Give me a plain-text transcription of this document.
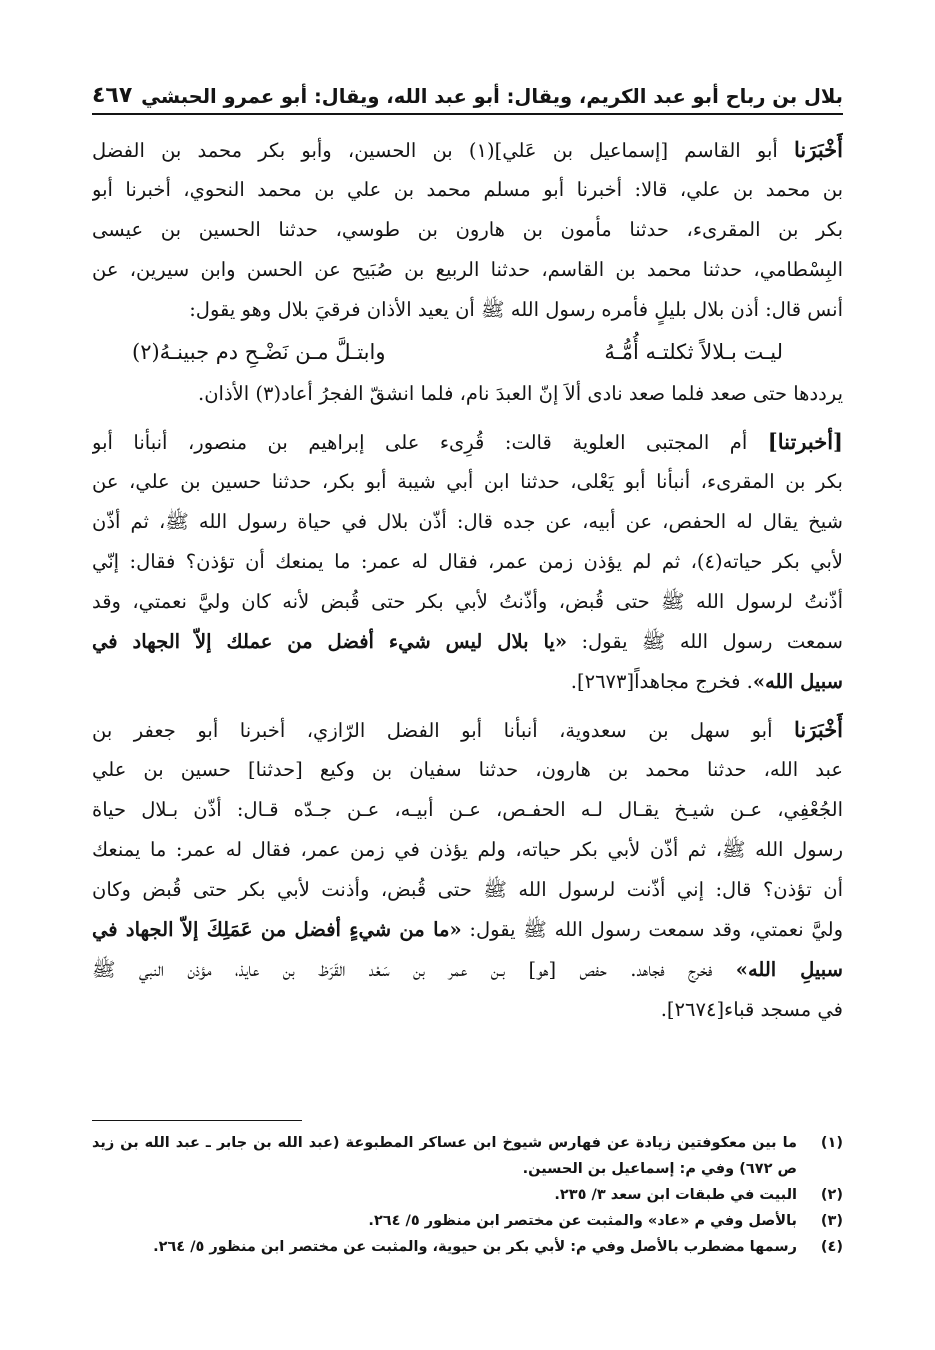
بلال بن رباح أبو عبد الكريم، ويقال: أبو عبد الله، ويقال: أبو عمرو الحبشي
٤٦٧
أَخْبَرَنا أبو القاسم [إسماعيل بن عَلي](١) بن الحسين، وأبو بكر محمد بن الفضل
بن محمد بن علي، قالا: أخبرنا أبو مسلم محمد بن علي بن محمد النحوي، أخبرنا أبو
بكر بن المقرىء، حدثنا مأمون بن هارون بن طوسي، حدثنا الحسين بن عيسى
البِسْطامي، حدثنا محمد بن القاسم، حدثنا الربيع بن صُبَيح عن الحسن وابن سيرين، عن
أنس قال: أذن بلال بليلٍ فأمره رسول الله ﷺ أن يعيد الأذان فرقيَ بلال وهو يقول:
ليـت بـلالاً ثكلتـه أُمُّـهُ
وابتـلَّ مـن نَضْـحِ دم جبينـهُ(٢)
يرددها حتى صعد فلما صعد نادى ألاَ إنّ العبدَ نام، فلما انشقّ الفجرُ أعاد(٣) الأذان.
[أخبرتنا] أم المجتبى العلوية قالت: قُرِىء على إبراهيم بن منصور، أنبأنا أبو
بكر بن المقرىء، أنبأنا أبو يَعْلى، حدثنا ابن أبي شيبة أبو بكر، حدثنا حسين بن علي، عن
شيخ يقال له الحفص، عن أبيه، عن جده قال: أذّن بلال في حياة رسول الله ﷺ، ثم أذّن
لأبي بكر حياته(٤)، ثم لم يؤذن زمن عمر، فقال له عمر: ما يمنعك أن تؤذن؟ فقال: إنّي
أذّنتُ لرسول الله ﷺ حتى قُبض، وأذّنتُ لأبي بكر حتى قُبض لأنه كان وليَّ نعمتي، وقد
سمعت رسول الله ﷺ يقول: «يا بلال ليس شيء أفضل من عملك إلاّ الجهاد في
سبيل الله». فخرج مجاهداً[٢٦٧٣].
أَخْبَرَنا أبو سهل بن سعدوية، أنبأنا أبو الفضل الرّازي، أخبرنا أبو جعفر بن
عبد الله، حدثنا محمد بن هارون، حدثنا سفيان بن وكيع [حدثنا] حسين بن علي
الجُعْفِي، عـن شيـخ يقـال لـه الحفـص، عـن أبيـه، عـن جـدّه قـال: أذّن بـلال حياة
رسول الله ﷺ، ثم أذّن لأبي بكر حياته، ولم يؤذن في زمن عمر، فقال له عمر: ما يمنعك
أن تؤذن؟ قال: إني أذّنت لرسول الله ﷺ حتى قُبض، وأذنت لأبي بكر حتى قُبض وكان
وليَّ نعمتي، وقد سمعت رسول الله ﷺ يقول: «ما من شيءٍ أفضل من عَمَلِكَ إلاّ الجهاد في
سبيلِ الله» فخرج فجاهد. حفص [هو] بـن عمر بن سَعْد القَرَظ بن عايذ، مؤذن النبي ﷺ
في مسجد قباء[٢٦٧٤].
(١)
ما بين معكوفتين زيادة عن فهارس شيوخ ابن عساكر المطبوعة (عبد الله بن جابر ـ عبد الله بن زيد ص ٦٧٢) وفي م: إسماعيل بن الحسين.
(٢)
البيت في طبقات ابن سعد ٣/ ٢٣٥.
(٣)
بالأصل وفي م «عاد» والمثبت عن مختصر ابن منظور ٥/ ٢٦٤.
(٤)
رسمها مضطرب بالأصل وفي م: لأبي بكر بن حيوية، والمثبت عن مختصر ابن منظور ٥/ ٢٦٤.
